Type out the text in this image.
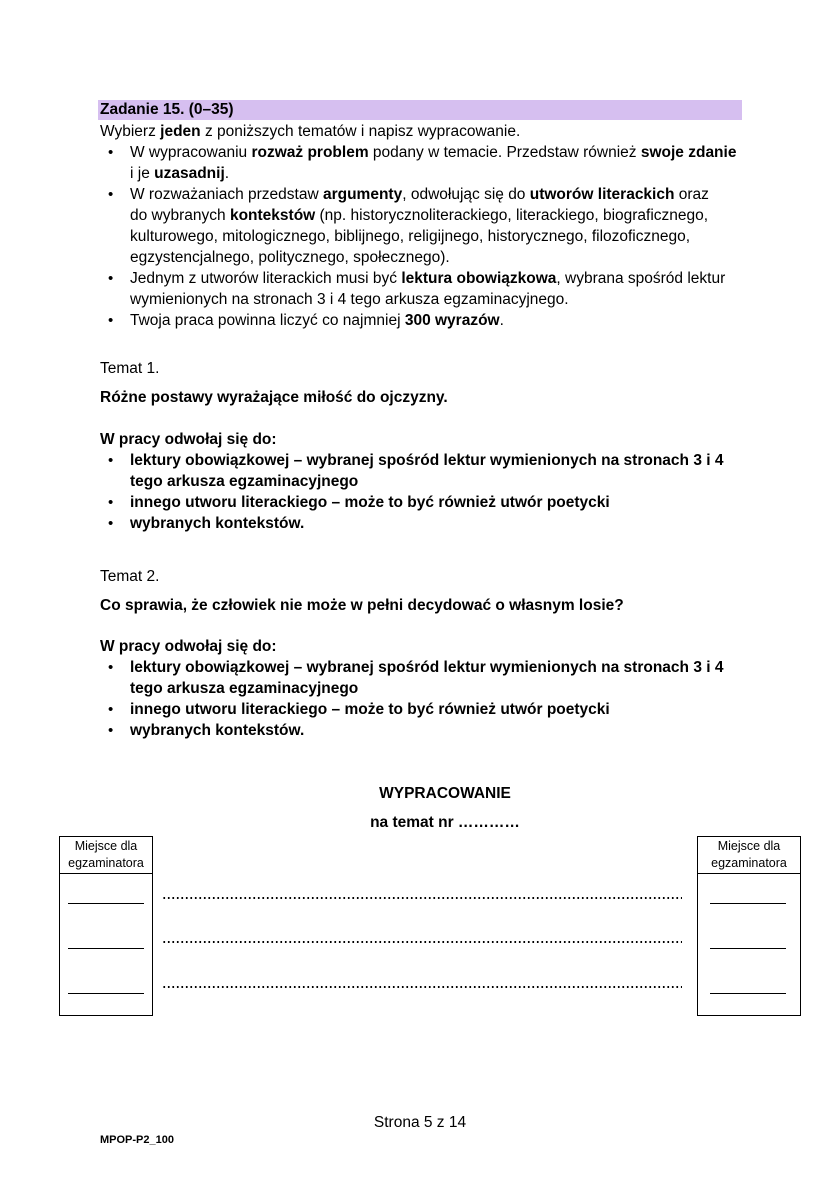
Zadanie 15. (0–35)
Wybierz jeden z poniższych tematów i napisz wypracowanie.
• W wypracowaniu rozważ problem podany w temacie. Przedstaw również swoje zdanie
i je uzasadnij.
• W rozważaniach przedstaw argumenty, odwołując się do utworów literackich oraz do wybranych kontekstów (np. historycznoliterackiego, literackiego, biograficznego, kulturowego, mitologicznego, biblijnego, religijnego, historycznego, filozoficznego, egzystencjalnego, politycznego, społecznego).
• Jednym z utworów literackich musi być lektura obowiązkowa, wybrana spośród lektur wymienionych na stronach 3 i 4 tego arkusza egzaminacyjnego.
• Twoja praca powinna liczyć co najmniej 300 wyrazów.
Temat 1.
Różne postawy wyrażające miłość do ojczyzny.
W pracy odwołaj się do:
• lektury obowiązkowej – wybranej spośród lektur wymienionych na stronach 3 i 4 tego arkusza egzaminacyjnego
• innego utworu literackiego – może to być również utwór poetycki
• wybranych kontekstów.
Temat 2.
Co sprawia, że człowiek nie może w pełni decydować o własnym losie?
W pracy odwołaj się do:
• lektury obowiązkowej – wybranej spośród lektur wymienionych na stronach 3 i 4 tego arkusza egzaminacyjnego
• innego utworu literackiego – może to być również utwór poetycki
• wybranych kontekstów.
WYPRACOWANIE
na temat nr …………
Miejsce dla egzaminatora
Miejsce dla egzaminatora
Strona 5 z 14
MPOP-P2_100
